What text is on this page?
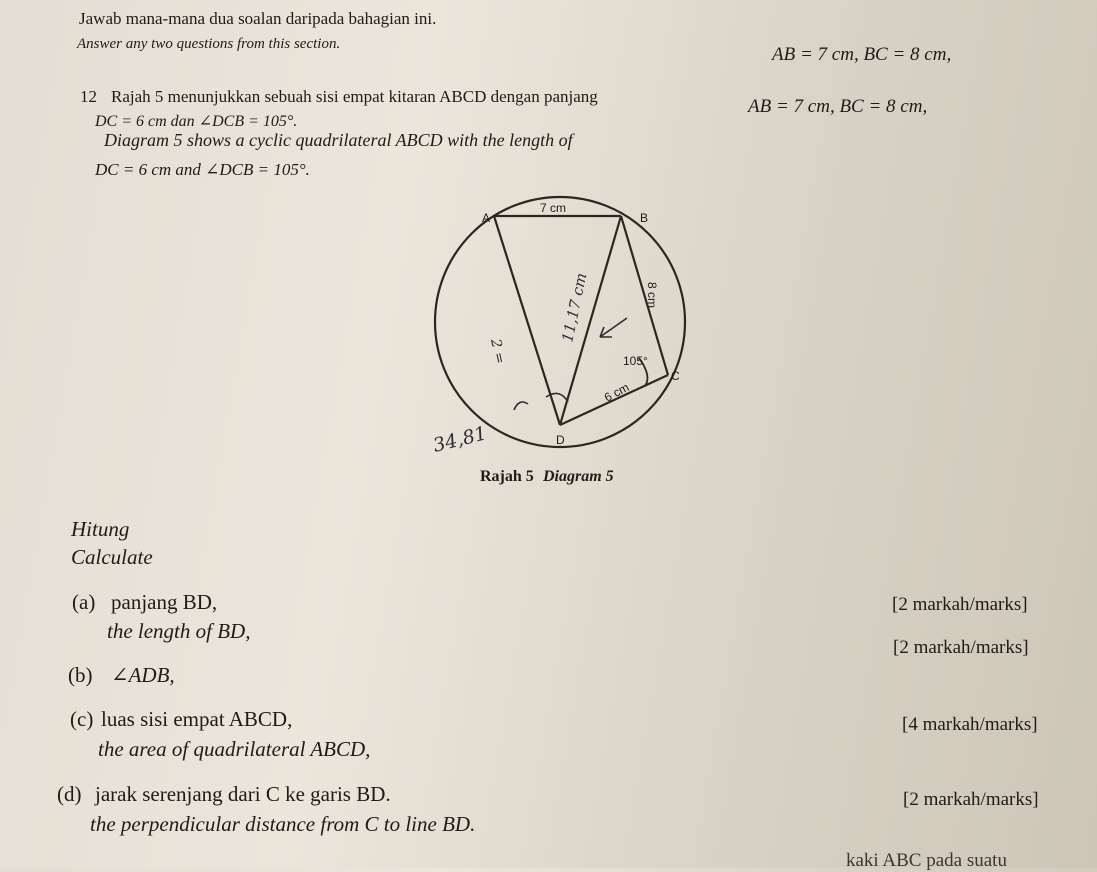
Jawab mana-mana dua soalan daripada bahagian ini.
Answer any two questions from this section.
12 Rajah 5 menunjukkan sebuah sisi empat kitaran ABCD dengan panjang
AB = 7 cm, BC = 8 cm,
DC = 6 cm dan ∠DCB = 105°.
Diagram 5 shows a cyclic quadrilateral ABCD with the length of
AB = 7 cm, BC = 8 cm,
DC = 6 cm and ∠DCB = 105°.
A	B
C
D
7 cm
8 cm
6 cm
105°
11,17 cm
34,81
2 =
Rajah 5 Diagram 5
Hitung
Calculate
(a) panjang BD,
the length of BD,
[2 markah/marks]
(b) ∠ADB,
[2 markah/marks]
(c) luas sisi empat ABCD,
the area of quadrilateral ABCD,
[4 markah/marks]
(d) jarak serenjang dari C ke garis BD.
the perpendicular distance from C to line BD.
[2 markah/marks]
kaki ABC pada suatu
